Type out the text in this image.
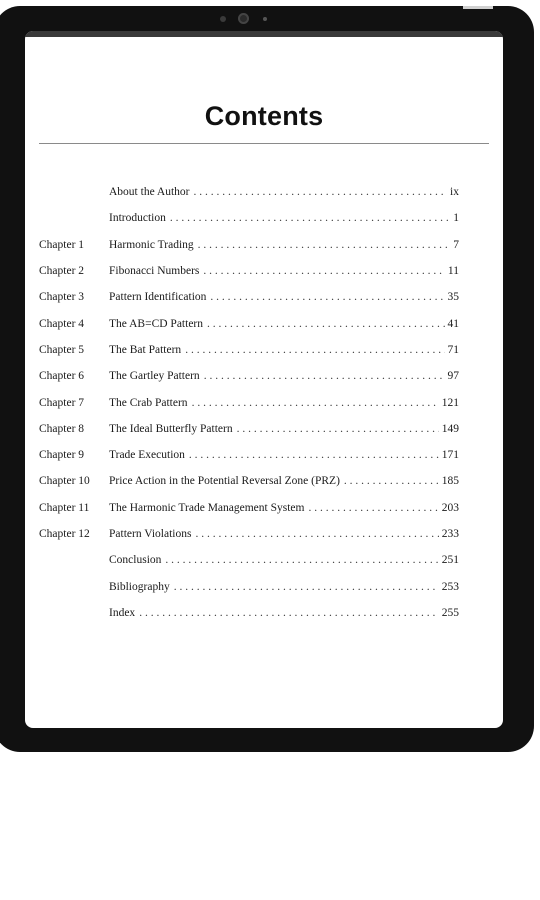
Contents
About the Author . . .	ix
Introduction . . .	1
Chapter 1	Harmonic Trading . . .	7
Chapter 2	Fibonacci Numbers . . .	11
Chapter 3	Pattern Identification . . .	35
Chapter 4	The AB=CD Pattern . . .	41
Chapter 5	The Bat Pattern . . .	71
Chapter 6	The Gartley Pattern . . .	97
Chapter 7	The Crab Pattern . . .	121
Chapter 8	The Ideal Butterfly Pattern . . .	149
Chapter 9	Trade Execution . . .	171
Chapter 10	Price Action in the Potential Reversal Zone (PRZ) . . .	185
Chapter 11	The Harmonic Trade Management System . . .	203
Chapter 12	Pattern Violations . . .	233
Conclusion . . .	251
Bibliography . . .	253
Index . . .	255
